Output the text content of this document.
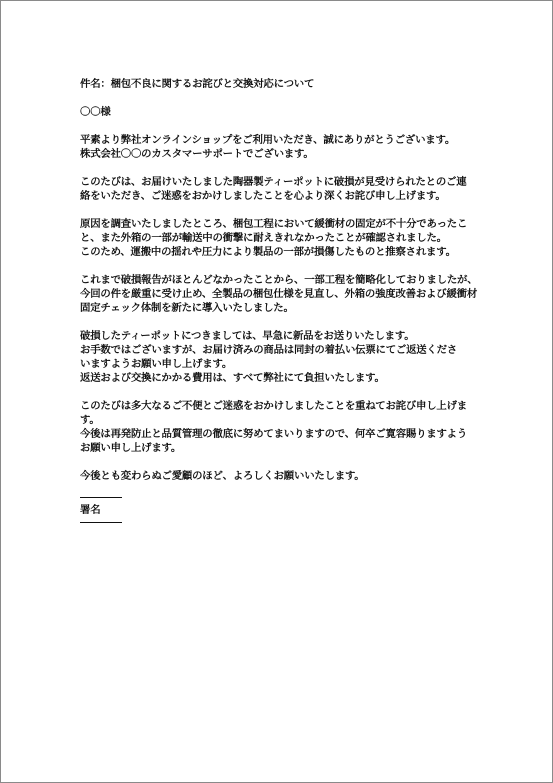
件名：梱包不良に関するお詫びと交換対応について

〇〇様

平素より弊社オンラインショップをご利用いただき、誠にありがとうございます。
株式会社〇〇のカスタマーサポートでございます。

このたびは、お届けいたしました陶器製ティーポットに破損が見受けられたとのご連
絡をいただき、ご迷惑をおかけしましたことを心より深くお詫び申し上げます。

原因を調査いたしましたところ、梱包工程において緩衝材の固定が不十分であったこ
と、また外箱の一部が輸送中の衝撃に耐えきれなかったことが確認されました。
このため、運搬中の揺れや圧力により製品の一部が損傷したものと推察されます。

これまで破損報告がほとんどなかったことから、一部工程を簡略化しておりましたが、
今回の件を厳重に受け止め、全製品の梱包仕様を見直し、外箱の強度改善および緩衝材
固定チェック体制を新たに導入いたしました。

破損したティーポットにつきましては、早急に新品をお送りいたします。
お手数ではございますが、お届け済みの商品は同封の着払い伝票にてご返送くださ
いますようお願い申し上げます。
返送および交換にかかる費用は、すべて弊社にて負担いたします。

このたびは多大なるご不便とご迷惑をおかけしましたことを重ねてお詫び申し上げま
す。
今後は再発防止と品質管理の徹底に努めてまいりますので、何卒ご寛容賜りますよう
お願い申し上げます。

今後とも変わらぬご愛顧のほど、よろしくお願いいたします。

署名
